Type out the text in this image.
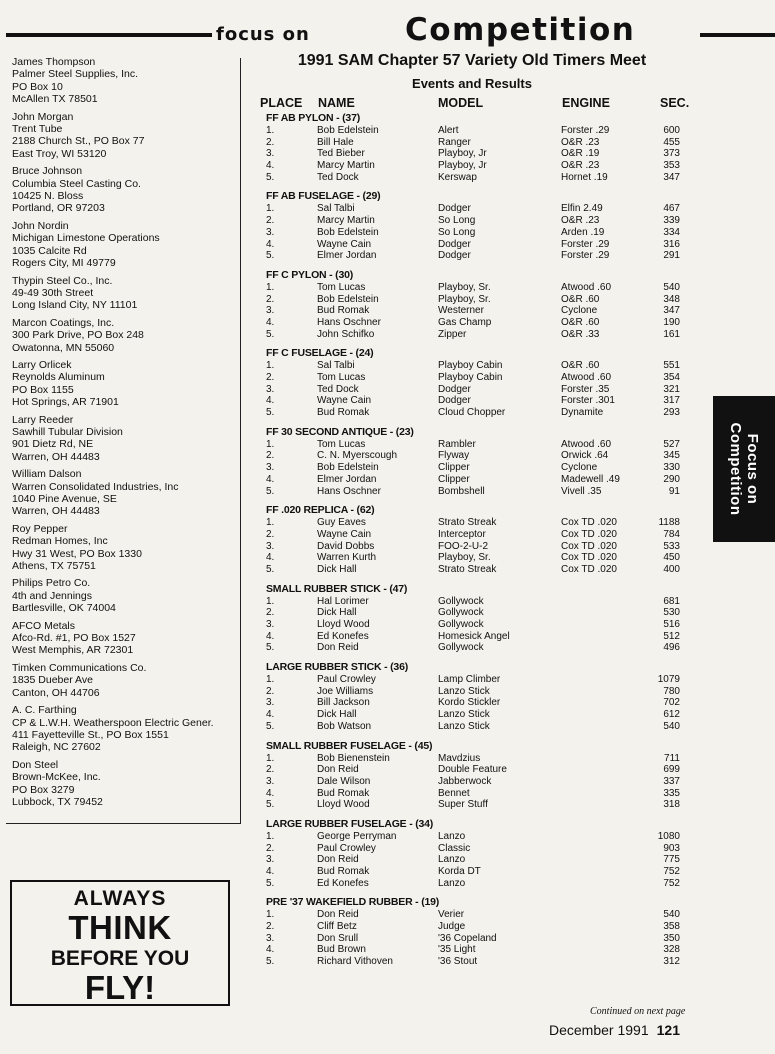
focus on	Competition
James Thompson
Palmer Steel Supplies, Inc.
PO Box 10
McAllen TX 78501
John Morgan
Trent Tube
2188 Church St., PO Box 77
East Troy, WI 53120
Bruce Johnson
Columbia Steel Casting Co.
10425 N. Bloss
Portland, OR 97203
John Nordin
Michigan Limestone Operations
1035 Calcite Rd
Rogers City, MI 49779
Thypin Steel Co., Inc.
49-49 30th Street
Long Island City, NY 11101
Marcon Coatings, Inc.
300 Park Drive, PO Box 248
Owatonna, MN 55060
Larry Orlicek
Reynolds Aluminum
PO Box 1155
Hot Springs, AR 71901
Larry Reeder
Sawhill Tubular Division
901 Dietz Rd, NE
Warren, OH 44483
William Dalson
Warren Consolidated Industries, Inc
1040 Pine Avenue, SE
Warren, OH 44483
Roy Pepper
Redman Homes, Inc
Hwy 31 West, PO Box 1330
Athens, TX 75751
Philips Petro Co.
4th and Jennings
Bartlesville, OK 74004
AFCO Metals
Afco-Rd. #1, PO Box 1527
West Memphis, AR 72301
Timken Communications Co.
1835 Dueber Ave
Canton, OH 44706
A. C. Farthing
CP & L.W.H. Weatherspoon Electric Gener.
411 Fayetteville St., PO Box 1551
Raleigh, NC 27602
Don Steel
Brown-McKee, Inc.
PO Box 3279
Lubbock, TX 79452
ALWAYS
THINK
BEFORE YOU
FLY!
1991 SAM Chapter 57 Variety Old Timers Meet
Events and Results
PLACE NAME	MODEL	ENGINE	SEC.
FF AB PYLON - (37)
1.	Bob Edelstein	Alert	Forster .29	600
2.	Bill Hale	Ranger	O&R .23	455
3.	Ted Bieber	Playboy, Jr	O&R .19	373
4.	Marcy Martin	Playboy, Jr	O&R .23	353
5.	Ted Dock	Kerswap	Hornet .19	347
FF AB FUSELAGE - (29)
1.	Sal Talbi	Dodger	Elfin 2.49	467
2.	Marcy Martin	So Long	O&R .23	339
3.	Bob Edelstein	So Long	Arden .19	334
4.	Wayne Cain	Dodger	Forster .29	316
5.	Elmer Jordan	Dodger	Forster .29	291
FF C PYLON - (30)
1.	Tom Lucas	Playboy, Sr.	Atwood .60	540
2.	Bob Edelstein	Playboy, Sr.	O&R .60	348
3.	Bud Romak	Westerner	Cyclone	347
4.	Hans Oschner	Gas Champ	O&R .60	190
5.	John Schifko	Zipper	O&R .33	161
FF C FUSELAGE - (24)
1.	Sal Talbi	Playboy Cabin	O&R .60	551
2.	Tom Lucas	Playboy Cabin	Atwood .60	354
3.	Ted Dock	Dodger	Forster .35	321
4.	Wayne Cain	Dodger	Forster .301	317
5.	Bud Romak	Cloud Chopper	Dynamite	293
FF 30 SECOND ANTIQUE - (23)
1.	Tom Lucas	Rambler	Atwood .60	527
2.	C. N. Myerscough	Flyway	Orwick .64	345
3.	Bob Edelstein	Clipper	Cyclone	330
4.	Elmer Jordan	Clipper	Madewell .49	290
5.	Hans Oschner	Bombshell	Vivell .35	91
FF .020 REPLICA - (62)
1.	Guy Eaves	Strato Streak	Cox TD .020	1188
2.	Wayne Cain	Interceptor	Cox TD .020	784
3.	David Dobbs	FOO-2-U-2	Cox TD .020	533
4.	Warren Kurth	Playboy, Sr.	Cox TD .020	450
5.	Dick Hall	Strato Streak	Cox TD .020	400
SMALL RUBBER STICK - (47)
1.	Hal Lorimer	Gollywock	681
2.	Dick Hall	Gollywock	530
3.	Lloyd Wood	Gollywock	516
4.	Ed Konefes	Homesick Angel	512
5.	Don Reid	Gollywock	496
LARGE RUBBER STICK - (36)
1.	Paul Crowley	Lamp Climber	1079
2.	Joe Williams	Lanzo Stick	780
3.	Bill Jackson	Kordo Stickler	702
4.	Dick Hall	Lanzo Stick	612
5.	Bob Watson	Lanzo Stick	540
SMALL RUBBER FUSELAGE - (45)
1.	Bob Bienenstein	Mavdzius	711
2.	Don Reid	Double Feature	699
3.	Dale Wilson	Jabberwock	337
4.	Bud Romak	Bennet	335
5.	Lloyd Wood	Super Stuff	318
LARGE RUBBER FUSELAGE - (34)
1.	George Perryman	Lanzo	1080
2.	Paul Crowley	Classic	903
3.	Don Reid	Lanzo	775
4.	Bud Romak	Korda DT	752
5.	Ed Konefes	Lanzo	752
PRE '37 WAKEFIELD RUBBER - (19)
1.	Don Reid	Verier	540
2.	Cliff Betz	Judge	358
3.	Don Srull	'36 Copeland	350
4.	Bud Brown	'35 Light	328
5.	Richard Vithoven	'36 Stout	312
Focus on Competition
Continued on next page
December 1991 121
